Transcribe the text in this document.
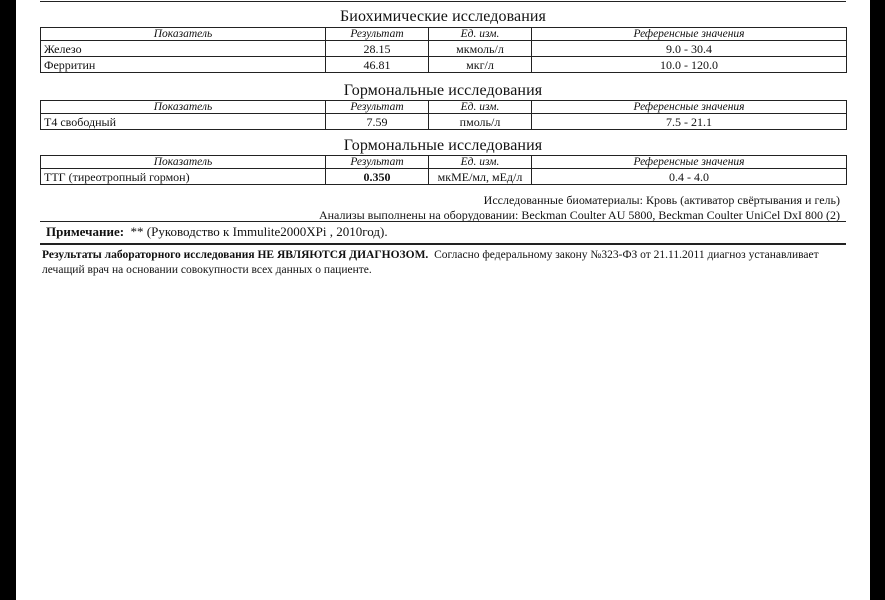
Биохимические исследования
Показатель	Результат	Ед. изм.	Референсные значения
Железо	28.15	мкмоль/л	9.0 - 30.4
Ферритин	46.81	мкг/л	10.0 - 120.0
Гормональные исследования
Показатель	Результат	Ед. изм.	Референсные значения
Т4 свободный	7.59	пмоль/л	7.5 - 21.1
Гормональные исследования
Показатель	Результат	Ед. изм.	Референсные значения
ТТГ (тиреотропный гормон)	0.350	мкМЕ/мл, мЕд/л	0.4 - 4.0
Исследованные биоматериалы: Кровь (активатор свёртывания и гель)
Анализы выполнены на оборудовании: Beckman Coulter AU 5800, Beckman Coulter UniCel DxI 800 (2)
Примечание: ** (Руководство к Immulite2000XPi , 2010год).
Результаты лабораторного исследования НЕ ЯВЛЯЮТСЯ ДИАГНОЗОМ. Согласно федеральному закону №323-ФЗ от 21.11.2011 диагноз устанавливает лечащий врач на основании совокупности всех данных о пациенте.
